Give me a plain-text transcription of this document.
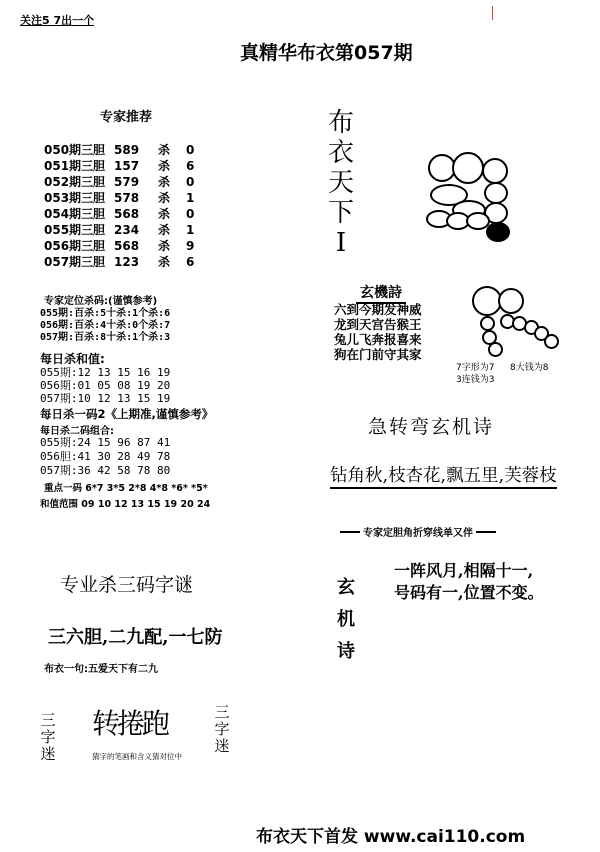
关注5 7出一个
真精华布衣第057期
专家推荐
050期三胆 589	杀	0
051期三胆 157	杀	6
052期三胆 579	杀	0
053期三胆 578	杀	1
054期三胆 568	杀	0
055期三胆 234	杀	1
056期三胆 568	杀	9
057期三胆 123	杀	6
专家定位杀码:(谨慎参考)
055期:百杀:5十杀:1个杀:6
056期:百杀:4十杀:0个杀:7
057期:百杀:8十杀:1个杀:3
每日杀和值:
055期:12 13 15 16 19
056期:01 05 08 19 20
057期:10 12 13 15 19
每日杀一码2《上期准,谨慎参考》
每日杀二码组合:
055期:24 15 96 87 41
056胆:41 30 28 49 78
057期:36 42 58 78 80
重点一码 6*7 3*5 2*8 4*8 *6* *5*
和值范围 09 10 12 13 15 19 20 24
专业杀三码字谜
三六胆,二九配,一七防
布衣一句:五爱天下有二九
三字迷
三字迷
转捲跑
猜字的笔画和含义猜对位中
布
衣
天
下
I
玄機詩
六到今期发神威
龙到天宫告猴王
兔儿飞奔报喜来
狗在门前守其家
7字形为7 8大钱为8
3连钱为3
急转弯玄机诗
钻角秋,枝杏花,飘五里,芙蓉枝
专家定胆角折穿线单又伴
玄
机
诗
一阵风月,相隔十一,
号码有一,位置不变。
布衣天下首发 www.cai110.com
